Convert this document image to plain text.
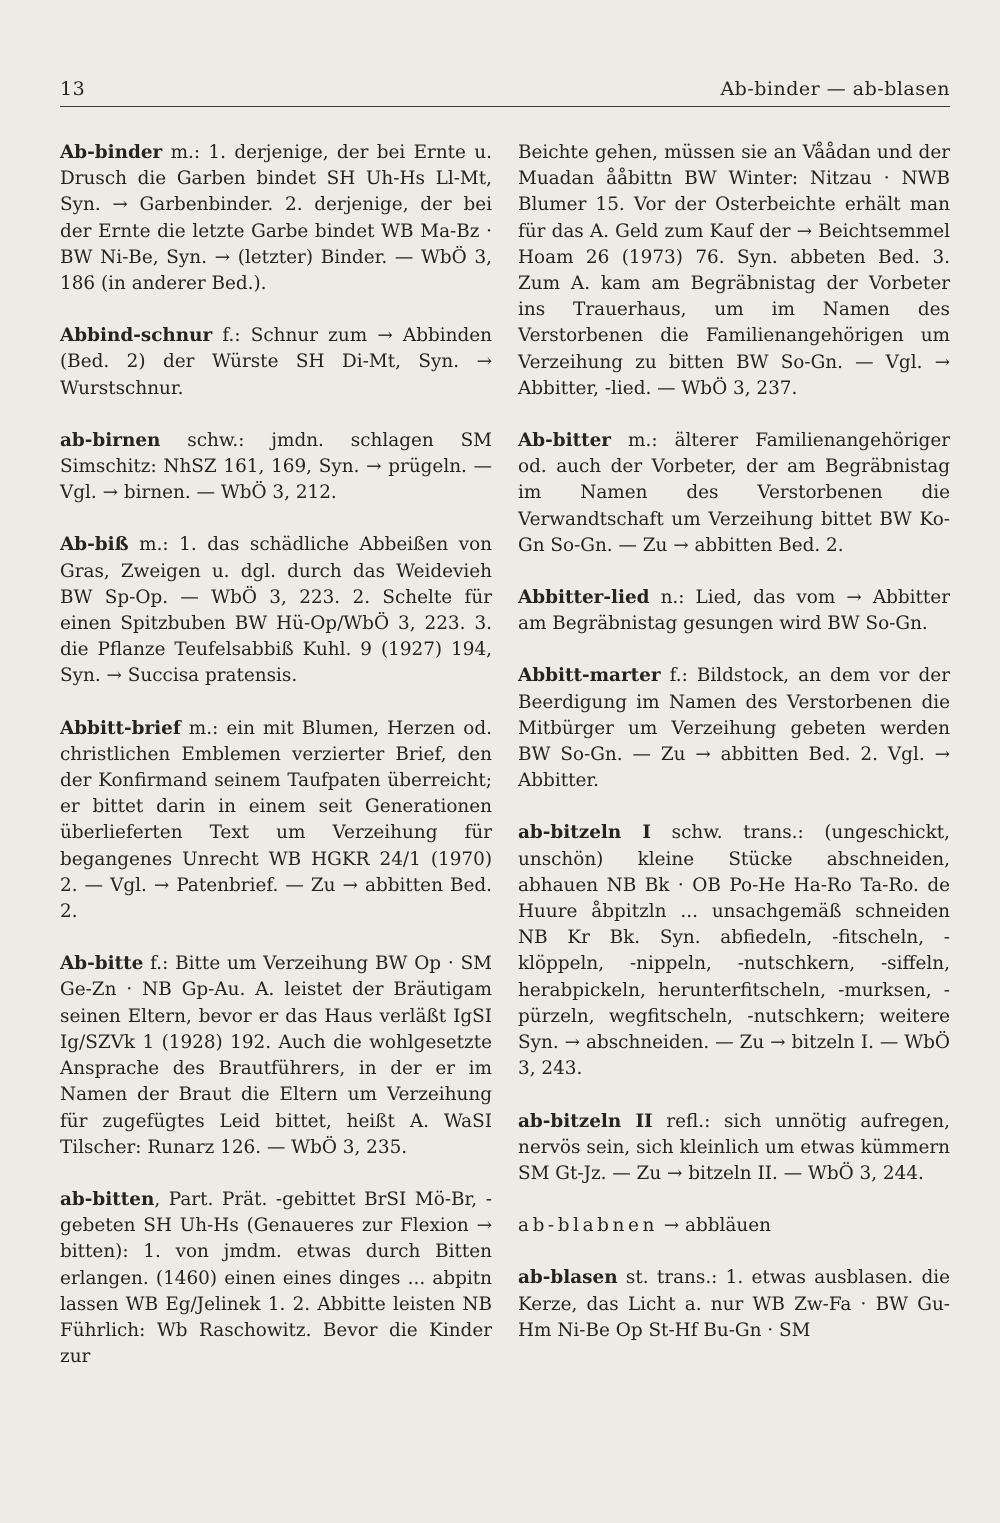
13	Ab-binder — ab-blasen

Ab-binder m.: 1. derjenige, der bei Ernte u. Drusch die Garben bindet SH Uh-Hs Ll-Mt, Syn. → Garbenbinder. 2. derjenige, der bei der Ernte die letzte Garbe bindet WB Ma-Bz · BW Ni-Be, Syn. → (letzter) Binder. — WbÖ 3, 186 (in anderer Bed.).

Abbind-schnur f.: Schnur zum → Abbinden (Bed. 2) der Würste SH Di-Mt, Syn. → Wurstschnur.

ab-birnen schw.: jmdn. schlagen SM Simschitz: NhSZ 161, 169, Syn. → prügeln. — Vgl. → birnen. — WbÖ 3, 212.

Ab-biß m.: 1. das schädliche Abbeißen von Gras, Zweigen u. dgl. durch das Weidevieh BW Sp-Op. — WbÖ 3, 223. 2. Schelte für einen Spitzbuben BW Hü-Op/WbÖ 3, 223. 3. die Pflanze Teufelsabbiß Kuhl. 9 (1927) 194, Syn. → Succisa pratensis.

Abbitt-brief m.: ein mit Blumen, Herzen od. christlichen Emblemen verzierter Brief, den der Konfirmand seinem Taufpaten überreicht; er bittet darin in einem seit Generationen überlieferten Text um Verzeihung für begangenes Unrecht WB HGKR 24/1 (1970) 2. — Vgl. → Patenbrief. — Zu → abbitten Bed. 2.

Ab-bitte f.: Bitte um Verzeihung BW Op · SM Ge-Zn · NB Gp-Au. A. leistet der Bräutigam seinen Eltern, bevor er das Haus verläßt IgSI Ig/SZVk 1 (1928) 192. Auch die wohlgesetzte Ansprache des Brautführers, in der er im Namen der Braut die Eltern um Verzeihung für zugefügtes Leid bittet, heißt A. WaSI Tilscher: Runarz 126. — WbÖ 3, 235.

ab-bitten, Part. Prät. -gebittet BrSI Mö-Br, -gebeten SH Uh-Hs (Genaueres zur Flexion → bitten): 1. von jmdm. etwas durch Bitten erlangen. (1460) einen eines dinges ... abpitn lassen WB Eg/Jelinek 1. 2. Abbitte leisten NB Führlich: Wb Raschowitz. Bevor die Kinder zur

Beichte gehen, müssen sie an Våådan und der Muadan ååbittn BW Winter: Nitzau · NWB Blumer 15. Vor der Osterbeichte erhält man für das A. Geld zum Kauf der → Beichtsemmel Hoam 26 (1973) 76. Syn. abbeten Bed. 3. Zum A. kam am Begräbnistag der Vorbeter ins Trauerhaus, um im Namen des Verstorbenen die Familienangehörigen um Verzeihung zu bitten BW So-Gn. — Vgl. → Abbitter, -lied. — WbÖ 3, 237.

Ab-bitter m.: älterer Familienangehöriger od. auch der Vorbeter, der am Begräbnistag im Namen des Verstorbenen die Verwandtschaft um Verzeihung bittet BW Ko-Gn So-Gn. — Zu → abbitten Bed. 2.

Abbitter-lied n.: Lied, das vom → Abbitter am Begräbnistag gesungen wird BW So-Gn.

Abbitt-marter f.: Bildstock, an dem vor der Beerdigung im Namen des Verstorbenen die Mitbürger um Verzeihung gebeten werden BW So-Gn. — Zu → abbitten Bed. 2. Vgl. → Abbitter.

ab-bitzeln I schw. trans.: (ungeschickt, unschön) kleine Stücke abschneiden, abhauen NB Bk · OB Po-He Ha-Ro Ta-Ro. de Huure åbpitzln ... unsachgemäß schneiden NB Kr Bk. Syn. abfiedeln, -fitscheln, -klöppeln, -nippeln, -nutschkern, -siffeln, herabpickeln, herunterfitscheln, -murksen, -pürzeln, wegfitscheln, -nutschkern; weitere Syn. → abschneiden. — Zu → bitzeln I. — WbÖ 3, 243.

ab-bitzeln II refl.: sich unnötig aufregen, nervös sein, sich kleinlich um etwas kümmern SM Gt-Jz. — Zu → bitzeln II. — WbÖ 3, 244.

ab-blabnen → abbläuen

ab-blasen st. trans.: 1. etwas ausblasen. die Kerze, das Licht a. nur WB Zw-Fa · BW Gu-Hm Ni-Be Op St-Hf Bu-Gn · SM
